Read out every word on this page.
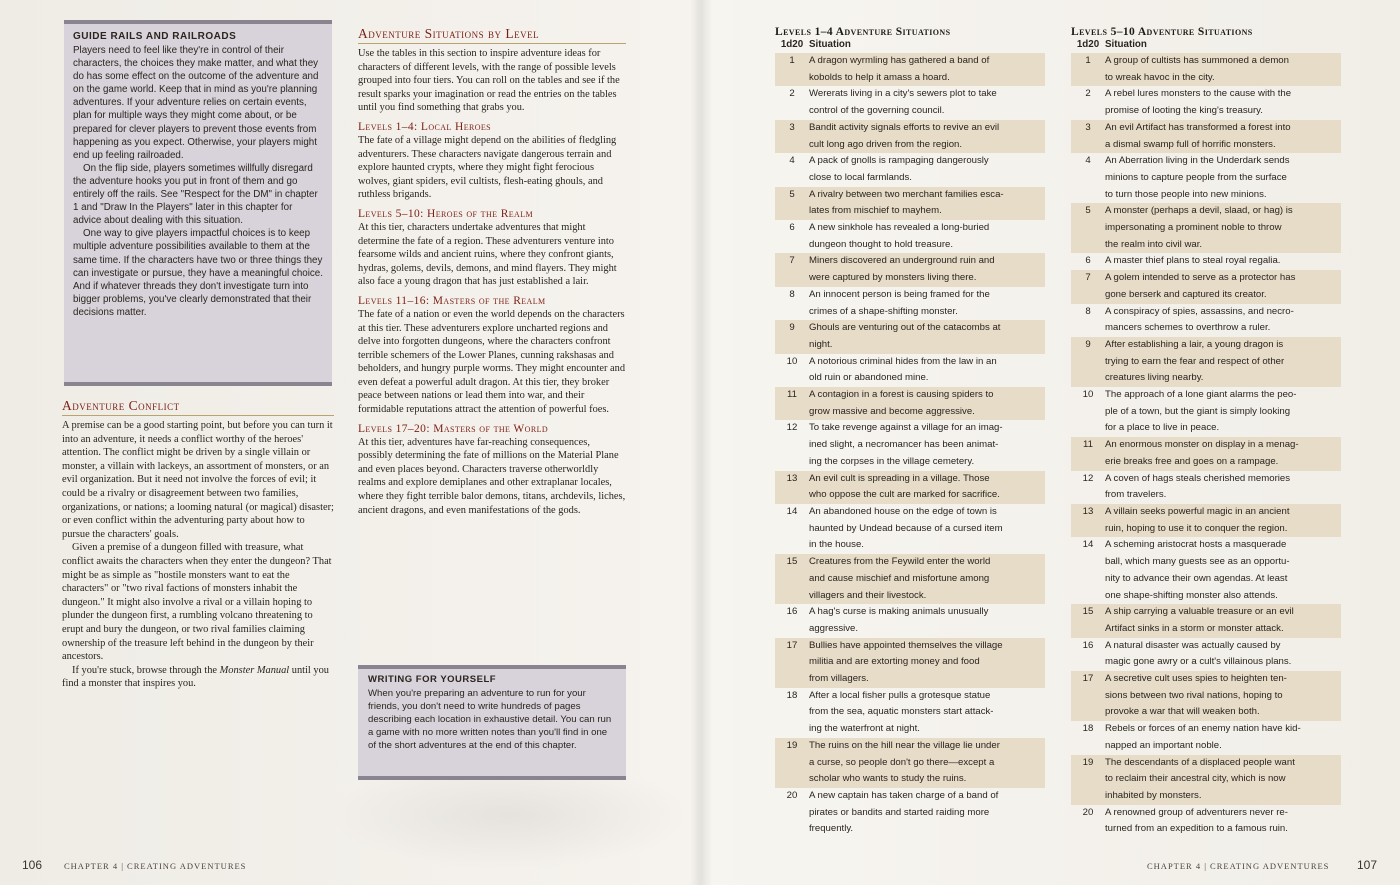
GUIDE RAILS AND RAILROADS

Players need to feel like they're in control of their characters, the choices they make matter, and what they do has some effect on the outcome of the adventure and on the game world. Keep that in mind as you're planning adventures. If your adventure relies on certain events, plan for multiple ways they might come about, or be prepared for clever players to prevent those events from happening as you expect. Otherwise, your players might end up feeling railroaded.

On the flip side, players sometimes willfully disregard the adventure hooks you put in front of them and go entirely off the rails. See "Respect for the DM" in chapter 1 and "Draw In the Players" later in this chapter for advice about dealing with this situation.

One way to give players impactful choices is to keep multiple adventure possibilities available to them at the same time. If the characters have two or three things they can investigate or pursue, they have a meaningful choice. And if whatever threads they don't investigate turn into bigger problems, you've clearly demonstrated that their decisions matter.

Adventure Conflict

A premise can be a good starting point, but before you can turn it into an adventure, it needs a conflict worthy of the heroes' attention. The conflict might be driven by a single villain or monster, a villain with lackeys, an assortment of monsters, or an evil organization. But it need not involve the forces of evil; it could be a rivalry or disagreement between two families, organizations, or nations; a looming natural (or magical) disaster; or even conflict within the adventuring party about how to pursue the characters' goals.

Given a premise of a dungeon filled with treasure, what conflict awaits the characters when they enter the dungeon? That might be as simple as "hostile monsters want to eat the characters" or "two rival factions of monsters inhabit the dungeon." It might also involve a rival or a villain hoping to plunder the dungeon first, a rumbling volcano threatening to erupt and bury the dungeon, or two rival families claiming ownership of the treasure left behind in the dungeon by their ancestors.

If you're stuck, browse through the Monster Manual until you find a monster that inspires you.

Adventure Situations by Level

Use the tables in this section to inspire adventure ideas for characters of different levels, with the range of possible levels grouped into four tiers. You can roll on the tables and see if the result sparks your imagination or read the entries on the tables until you find something that grabs you.

Levels 1–4: Local Heroes

The fate of a village might depend on the abilities of fledgling adventurers. These characters navigate dangerous terrain and explore haunted crypts, where they might fight ferocious wolves, giant spiders, evil cultists, flesh-eating ghouls, and ruthless brigands.

Levels 5–10: Heroes of the Realm

At this tier, characters undertake adventures that might determine the fate of a region. These adventurers venture into fearsome wilds and ancient ruins, where they confront giants, hydras, golems, devils, demons, and mind flayers. They might also face a young dragon that has just established a lair.

Levels 11–16: Masters of the Realm

The fate of a nation or even the world depends on the characters at this tier. These adventurers explore uncharted regions and delve into forgotten dungeons, where the characters confront terrible schemers of the Lower Planes, cunning rakshasas and beholders, and hungry purple worms. They might encounter and even defeat a powerful adult dragon. At this tier, they broker peace between nations or lead them into war, and their formidable reputations attract the attention of powerful foes.

Levels 17–20: Masters of the World

At this tier, adventures have far-reaching consequences, possibly determining the fate of millions on the Material Plane and even places beyond. Characters traverse otherworldly realms and explore demiplanes and other extraplanar locales, where they fight terrible balor demons, titans, archdevils, liches, ancient dragons, and even manifestations of the gods.

WRITING FOR YOURSELF

When you're preparing an adventure to run for your friends, you don't need to write hundreds of pages describing each location in exhaustive detail. You can run a game with no more written notes than you'll find in one of the short adventures at the end of this chapter.

106	CHAPTER 4 | CREATING ADVENTURES
Levels 1–4 Adventure Situations
1d20 Situation
1	A dragon wyrmling has gathered a band of
kobolds to help it amass a hoard.
2	Wererats living in a city's sewers plot to take
control of the governing council.
3	Bandit activity signals efforts to revive an evil
cult long ago driven from the region.
4	A pack of gnolls is rampaging dangerously
close to local farmlands.
5	A rivalry between two merchant families esca-
lates from mischief to mayhem.
6	A new sinkhole has revealed a long-buried
dungeon thought to hold treasure.
7	Miners discovered an underground ruin and
were captured by monsters living there.
8	An innocent person is being framed for the
crimes of a shape-shifting monster.
9	Ghouls are venturing out of the catacombs at
night.
10	A notorious criminal hides from the law in an
old ruin or abandoned mine.
11	A contagion in a forest is causing spiders to
grow massive and become aggressive.
12	To take revenge against a village for an imag-
ined slight, a necromancer has been animat-
ing the corpses in the village cemetery.
13	An evil cult is spreading in a village. Those
who oppose the cult are marked for sacrifice.
14	An abandoned house on the edge of town is
haunted by Undead because of a cursed item
in the house.
15	Creatures from the Feywild enter the world
and cause mischief and misfortune among
villagers and their livestock.
16	A hag's curse is making animals unusually
aggressive.
17	Bullies have appointed themselves the village
militia and are extorting money and food
from villagers.
18	After a local fisher pulls a grotesque statue
from the sea, aquatic monsters start attack-
ing the waterfront at night.
19	The ruins on the hill near the village lie under
a curse, so people don't go there—except a
scholar who wants to study the ruins.
20	A new captain has taken charge of a band of
pirates or bandits and started raiding more
frequently.
Levels 5–10 Adventure Situations
1d20 Situation
1	A group of cultists has summoned a demon
to wreak havoc in the city.
2	A rebel lures monsters to the cause with the
promise of looting the king's treasury.
3	An evil Artifact has transformed a forest into
a dismal swamp full of horrific monsters.
4	An Aberration living in the Underdark sends
minions to capture people from the surface
to turn those people into new minions.
5	A monster (perhaps a devil, slaad, or hag) is
impersonating a prominent noble to throw
the realm into civil war.
6	A master thief plans to steal royal regalia.
7	A golem intended to serve as a protector has
gone berserk and captured its creator.
8	A conspiracy of spies, assassins, and necro-
mancers schemes to overthrow a ruler.
9	After establishing a lair, a young dragon is
trying to earn the fear and respect of other
creatures living nearby.
10	The approach of a lone giant alarms the peo-
ple of a town, but the giant is simply looking
for a place to live in peace.
11	An enormous monster on display in a menag-
erie breaks free and goes on a rampage.
12	A coven of hags steals cherished memories
from travelers.
13	A villain seeks powerful magic in an ancient
ruin, hoping to use it to conquer the region.
14	A scheming aristocrat hosts a masquerade
ball, which many guests see as an opportu-
nity to advance their own agendas. At least
one shape-shifting monster also attends.
15	A ship carrying a valuable treasure or an evil
Artifact sinks in a storm or monster attack.
16	A natural disaster was actually caused by
magic gone awry or a cult's villainous plans.
17	A secretive cult uses spies to heighten ten-
sions between two rival nations, hoping to
provoke a war that will weaken both.
18	Rebels or forces of an enemy nation have kid-
napped an important noble.
19	The descendants of a displaced people want
to reclaim their ancestral city, which is now
inhabited by monsters.
20	A renowned group of adventurers never re-
turned from an expedition to a famous ruin.
CHAPTER 4 | CREATING ADVENTURES 107
